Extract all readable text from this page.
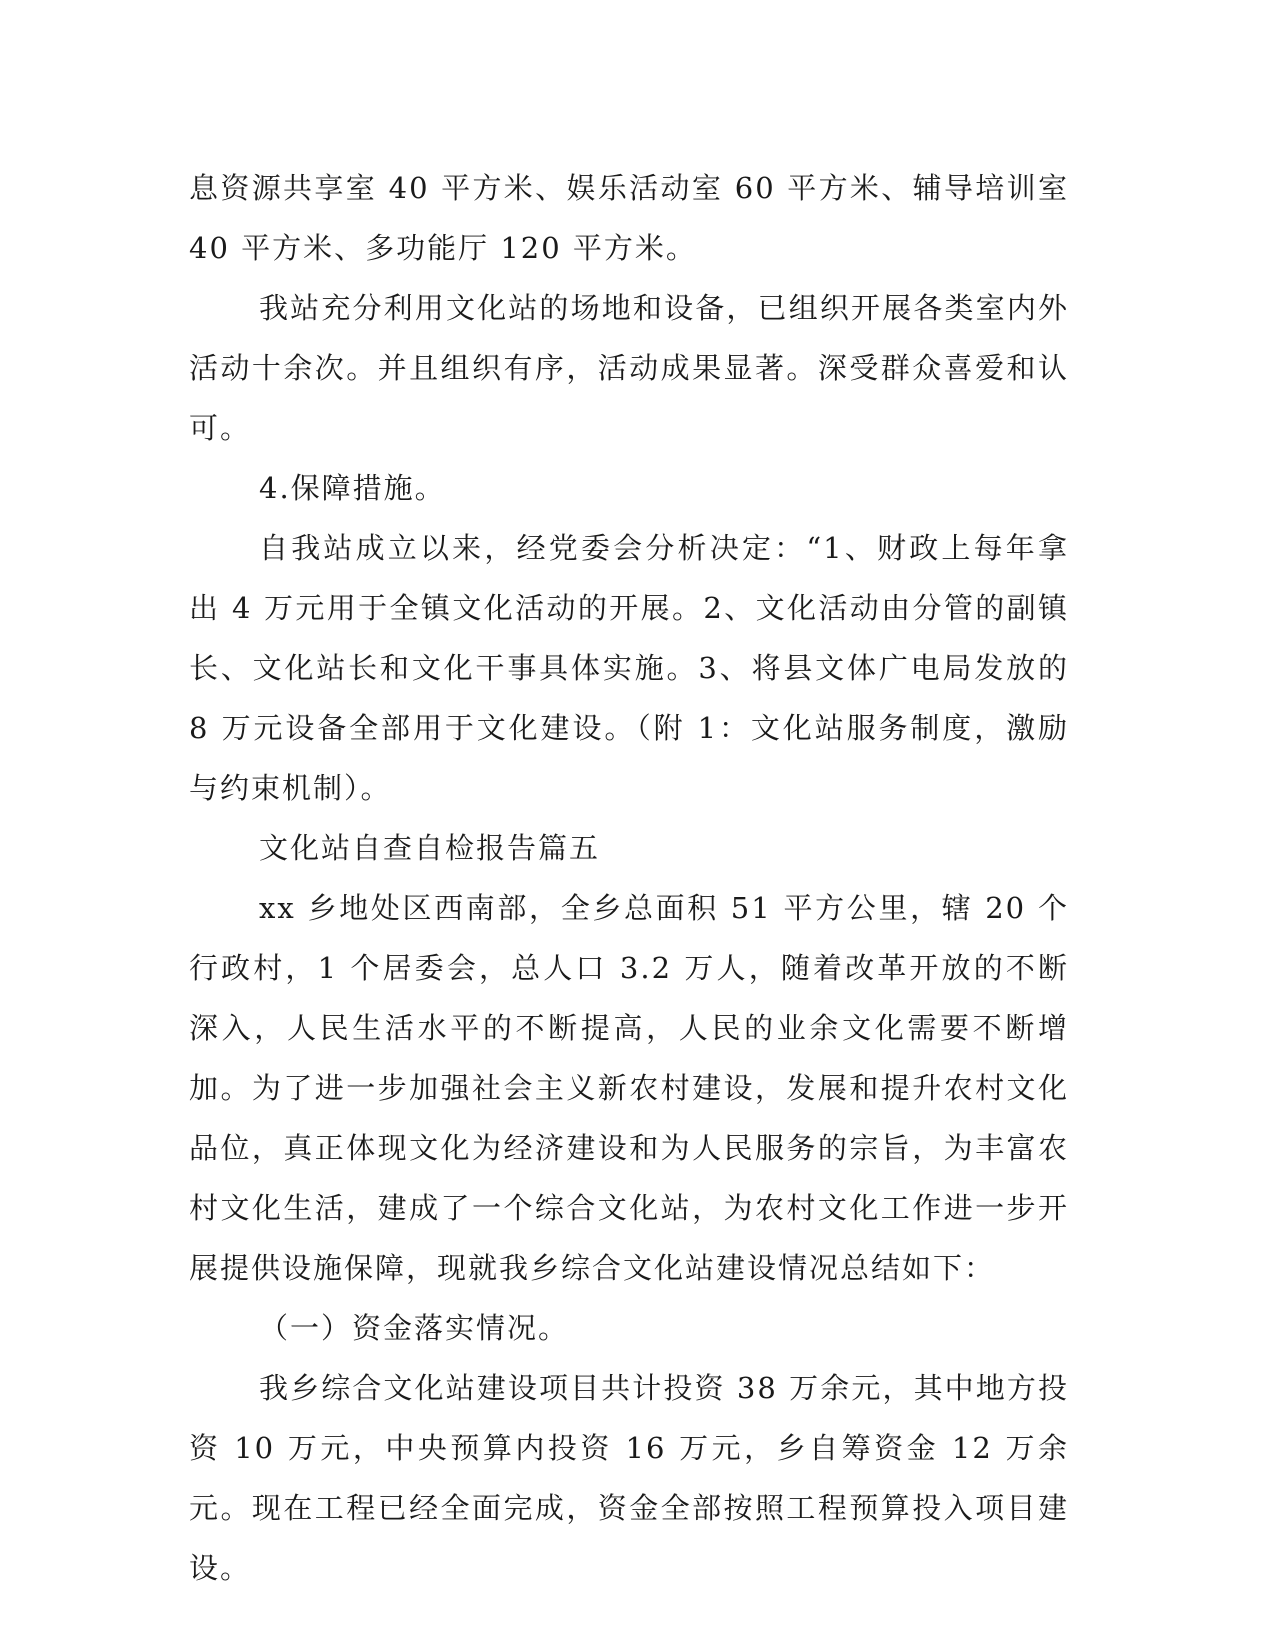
息资源共享室 40 平方米、娱乐活动室 60 平方米、辅导培训室 40 平方米、多功能厅 120 平方米。

我站充分利用文化站的场地和设备，已组织开展各类室内外活动十余次。并且组织有序，活动成果显著。深受群众喜爱和认可。

4.保障措施。

自我站成立以来，经党委会分析决定：“1、财政上每年拿出 4 万元用于全镇文化活动的开展。2、文化活动由分管的副镇长、文化站长和文化干事具体实施。3、将县文体广电局发放的 8 万元设备全部用于文化建设。（附 1：文化站服务制度，激励与约束机制）。

文化站自查自检报告篇五

xx 乡地处区西南部，全乡总面积 51 平方公里，辖 20 个行政村，1 个居委会，总人口 3.2 万人，随着改革开放的不断深入，人民生活水平的不断提高，人民的业余文化需要不断增加。为了进一步加强社会主义新农村建设，发展和提升农村文化品位，真正体现文化为经济建设和为人民服务的宗旨，为丰富农村文化生活，建成了一个综合文化站，为农村文化工作进一步开展提供设施保障，现就我乡综合文化站建设情况总结如下：

（一）资金落实情况。

我乡综合文化站建设项目共计投资 38 万余元，其中地方投资 10 万元，中央预算内投资 16 万元，乡自筹资金 12 万余元。现在工程已经全面完成，资金全部按照工程预算投入项目建设。
